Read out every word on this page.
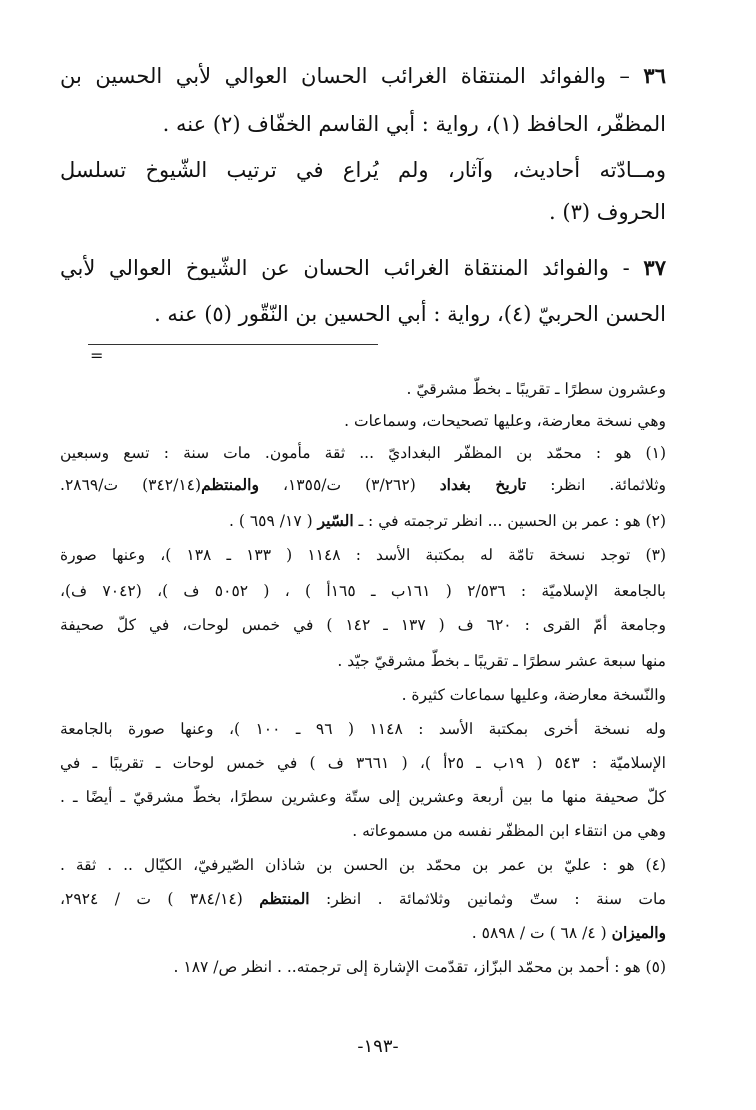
٣٦ – والفوائد المنتقاة الغرائب الحسان العوالي لأبي الحسين بن
المظفّر، الحافظ (١)، رواية : أبي القاسم الخفّاف (٢) عنه .
ومــادّته أحاديث، وآثار، ولم يُراع في ترتيب الشّيوخ تسلسل
الحروف (٣) .
٣٧ - والفوائد المنتقاة الغرائب الحسان عن الشّيوخ العوالي لأبي
الحسن الحربيّ (٤)، رواية : أبي الحسين بن النّقّور (٥) عنه .
=
وعشرون سطرًا ـ تقريبًا ـ بخطّ مشرقيّ .
وهي نسخة معارضة، وعليها تصحيحات، وسماعات .
(١) هو : محمّد بن المظفّر البغداديّ ... ثقة مأمون. مات سنة : تسع وسبعين
وثلاثمائة. انظر: تاريخ بغداد (٣/٢٦٢) ت/١٣٥٥، والمنتظم(٣٤٢/١٤) ت/٢٨٦٩.
(٢) هو : عمر بن الحسين ... انظر ترجمته في : ـ السّير ( ١٧/ ٦٥٩ ) .
(٣) توجد نسخة تامّة له بمكتبة الأسد : ١١٤٨ ( ١٣٣ ـ ١٣٨ )، وعنها صورة
بالجامعة الإسلاميّة : ٢/٥٣٦ ( ١٦١ب ـ ١٦٥أ ) ، ( ٥٠٥٢ ف )، (٧٠٤٢ ف)،
وجامعة أمّ القرى : ٦٢٠ ف ( ١٣٧ ـ ١٤٢ ) في خمس لوحات، في كلّ صحيفة
منها سبعة عشر سطرًا ـ تقريبًا ـ بخطّ مشرقيّ جيّد .
والنّسخة معارضة، وعليها سماعات كثيرة .
وله نسخة أخرى بمكتبة الأسد : ١١٤٨ ( ٩٦ ـ ١٠٠ )، وعنها صورة بالجامعة
الإسلاميّة : ٥٤٣ ( ١٩ب ـ ٢٥أ )، ( ٣٦٦١ ف ) في خمس لوحات ـ تقريبًا ـ في
كلّ صحيفة منها ما بين أربعة وعشرين إلى ستّة وعشرين سطرًا، بخطّ مشرقيّ ـ أيضًا ـ .
وهي من انتقاء ابن المظفّر نفسه من مسموعاته .
(٤) هو : عليّ بن عمر بن محمّد بن الحسن بن شاذان الصّيرفيّ، الكيّال .. . ثقة .
مات سنة : ستّ وثمانين وثلاثمائة . انظر: المنتظم (٣٨٤/١٤ ) ت / ٢٩٢٤،
والميزان ( ٤/ ٦٨ ) ت / ٥٨٩٨ .
(٥) هو : أحمد بن محمّد البزّاز، تقدّمت الإشارة إلى ترجمته.. . انظر ص/ ١٨٧ .
-١٩٣-
